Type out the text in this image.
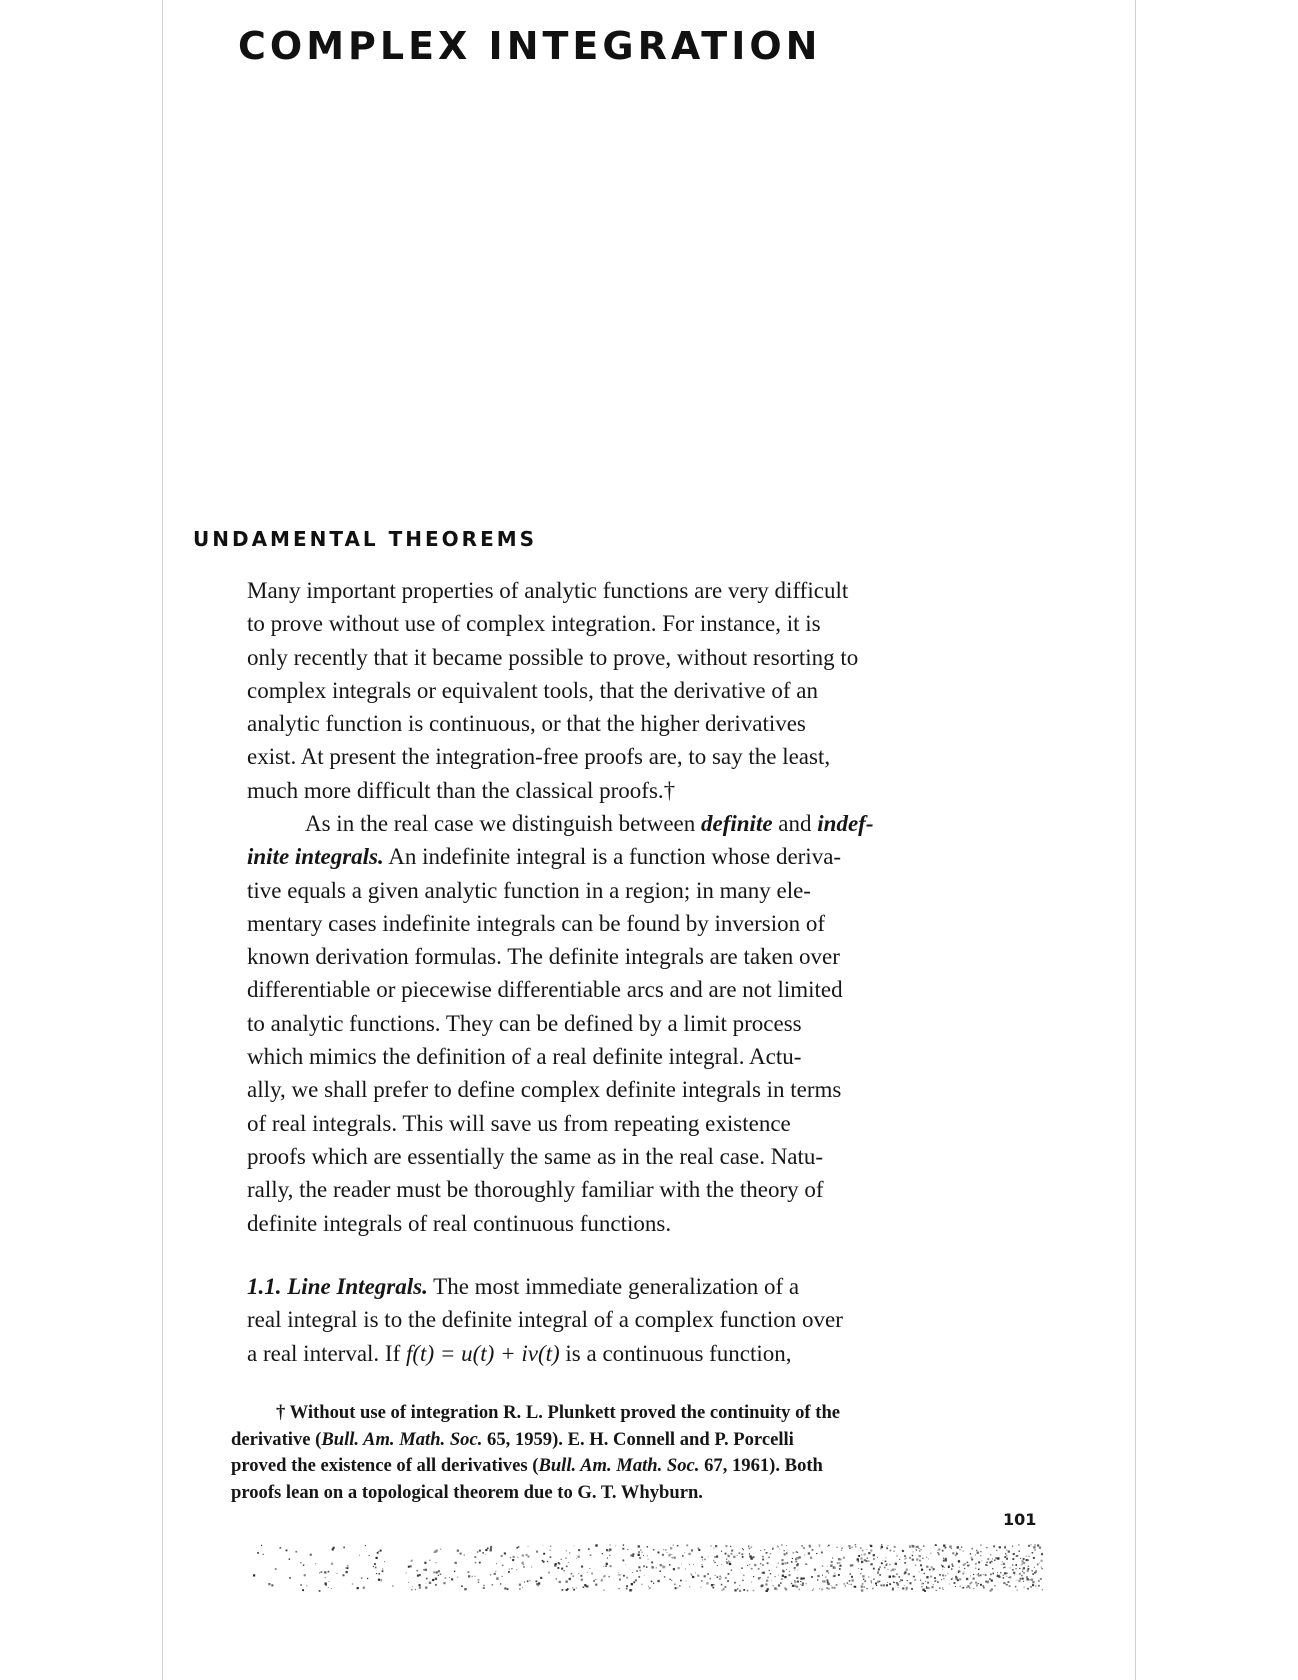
COMPLEX INTEGRATION
UNDAMENTAL THEOREMS
Many important properties of analytic functions are very difficult
to prove without use of complex integration. For instance, it is
only recently that it became possible to prove, without resorting to
complex integrals or equivalent tools, that the derivative of an
analytic function is continuous, or that the higher derivatives
exist. At present the integration-free proofs are, to say the least,
much more difficult than the classical proofs.†
As in the real case we distinguish between definite and indef-
inite integrals. An indefinite integral is a function whose deriva-
tive equals a given analytic function in a region; in many ele-
mentary cases indefinite integrals can be found by inversion of
known derivation formulas. The definite integrals are taken over
differentiable or piecewise differentiable arcs and are not limited
to analytic functions. They can be defined by a limit process
which mimics the definition of a real definite integral. Actu-
ally, we shall prefer to define complex definite integrals in terms
of real integrals. This will save us from repeating existence
proofs which are essentially the same as in the real case. Natu-
rally, the reader must be thoroughly familiar with the theory of
definite integrals of real continuous functions.
1.1. Line Integrals. The most immediate generalization of a
real integral is to the definite integral of a complex function over
a real interval. If f(t) = u(t) + iv(t) is a continuous function,
† Without use of integration R. L. Plunkett proved the continuity of the
derivative (Bull. Am. Math. Soc. 65, 1959). E. H. Connell and P. Porcelli
proved the existence of all derivatives (Bull. Am. Math. Soc. 67, 1961). Both
proofs lean on a topological theorem due to G. T. Whyburn.
101
